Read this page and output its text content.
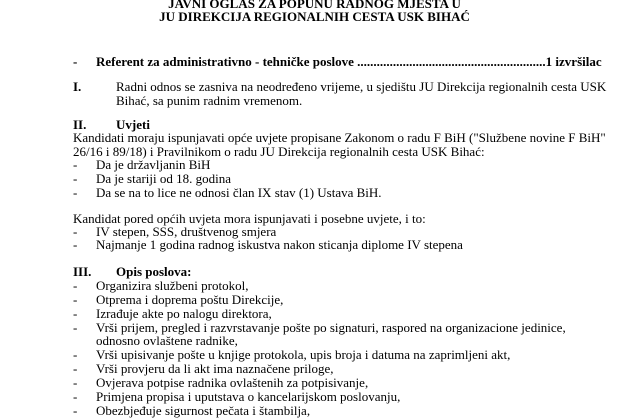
JAVNI OGLAS ZA POPUNU RADNOG MJESTA U
JU DIREKCIJA REGIONALNIH CESTA USK BIHAĆ
- Referent za administrativno - tehničke poslove ..........................................................1 izvršilac
I.	Radni odnos se zasniva na neodređeno vrijeme, u sjedištu JU Direkcija regionalnih cesta USK
Bihać, sa punim radnim vremenom.
II. Uvjeti
Kandidati moraju ispunjavati opće uvjete propisane Zakonom o radu F BiH ("Službene novine F BiH"
26/16 i 89/18) i Pravilnikom o radu JU Direkcija regionalnih cesta USK Bihać:
- Da je državljanin BiH
- Da je stariji od 18. godina
- Da se na to lice ne odnosi član IX stav (1) Ustava BiH.
Kandidat pored općih uvjeta mora ispunjavati i posebne uvjete, i to:
- IV stepen, SSS, društvenog smjera
- Najmanje 1 godina radnog iskustva nakon sticanja diplome IV stepena
III. Opis poslova:
- Organizira službeni protokol,
- Otprema i doprema poštu Direkcije,
- Izrađuje akte po nalogu direktora,
- Vrši prijem, pregled i razvrstavanje pošte po signaturi, raspored na organizacione jedinice,
odnosno ovlaštene radnike,
- Vrši upisivanje pošte u knjige protokola, upis broja i datuma na zaprimljeni akt,
- Vrši provjeru da li akt ima naznačene priloge,
- Ovjerava potpise radnika ovlaštenih za potpisivanje,
- Primjena propisa i uputstava o kancelarijskom poslovanju,
- Obezbjeđuje sigurnost pečata i štambilja,
